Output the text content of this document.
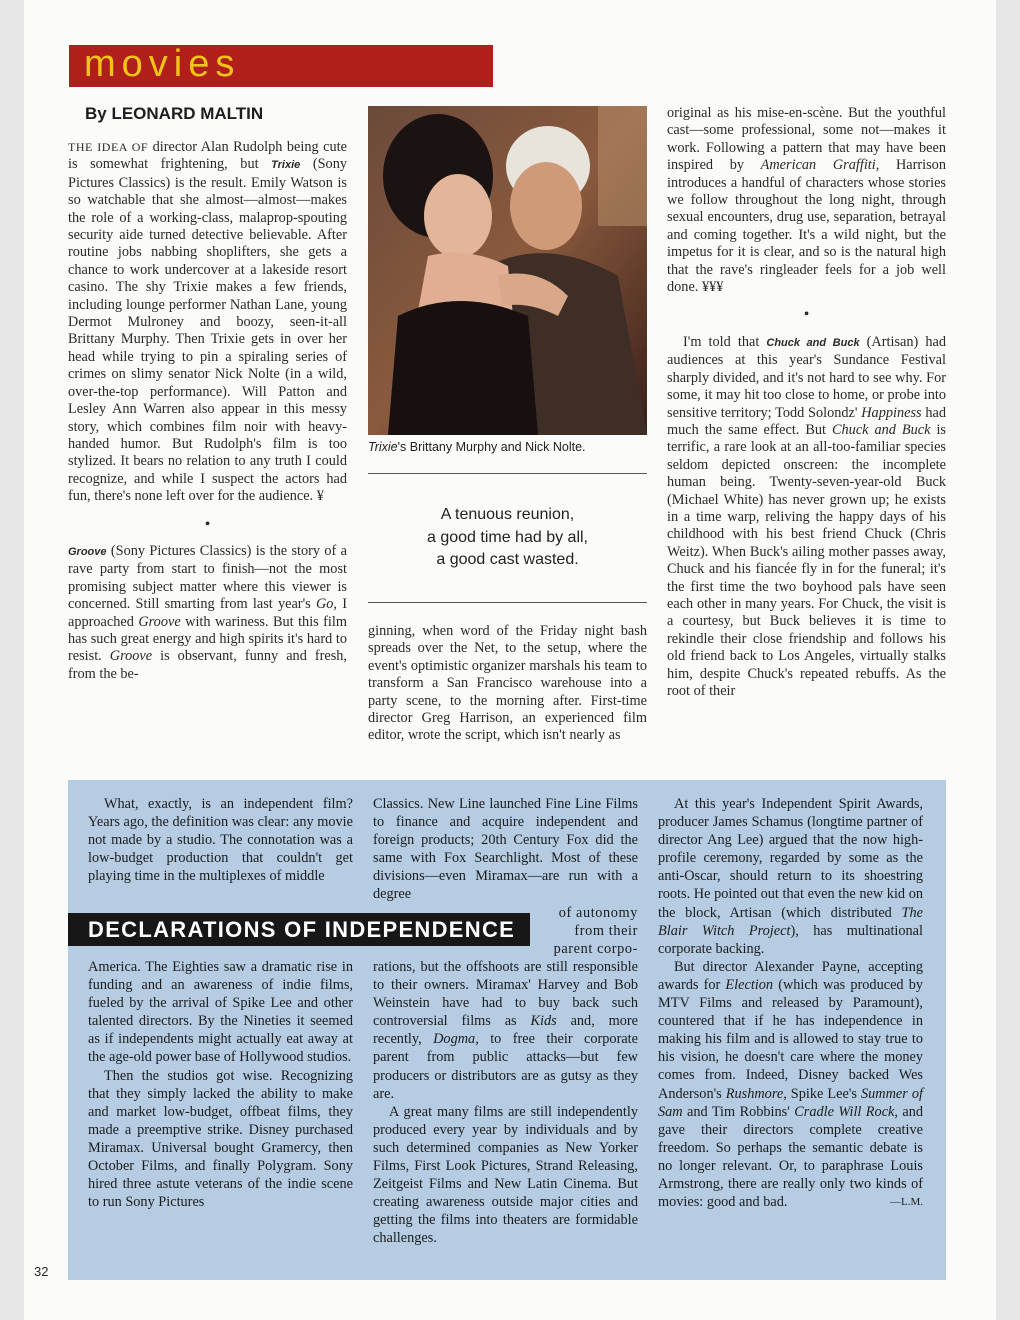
movies
By LEONARD MALTIN

THE IDEA OF director Alan Rudolph being cute is somewhat frightening, but Trixie (Sony Pictures Classics) is the result. Emily Watson is so watchable that she almost—almost—makes the role of a working-class, malaprop-spouting security aide turned detective believable. After routine jobs nabbing shoplifters, she gets a chance to work undercover at a lakeside resort casino. The shy Trixie makes a few friends, including lounge performer Nathan Lane, young Dermot Mulroney and boozy, seen-it-all Brittany Murphy. Then Trixie gets in over her head while trying to pin a spiraling series of crimes on slimy senator Nick Nolte (in a wild, over-the-top performance). Will Patton and Lesley Ann Warren also appear in this messy story, which combines film noir with heavy-handed humor. But Rudolph's film is too stylized. It bears no relation to any truth I could recognize, and while I suspect the actors had fun, there's none left over for the audience. ¥

•

Groove (Sony Pictures Classics) is the story of a rave party from start to finish—not the most promising subject matter where this viewer is concerned. Still smarting from last year's Go, I approached Groove with wariness. But this film has such great energy and high spirits it's hard to resist. Groove is observant, funny and fresh, from the be-

Trixie's Brittany Murphy and Nick Nolte.
A tenuous reunion,
a good time had by all,
a good cast wasted.

ginning, when word of the Friday night bash spreads over the Net, to the setup, where the event's optimistic organizer marshals his team to transform a San Francisco warehouse into a party scene, to the morning after. First-time director Greg Harrison, an experienced film editor, wrote the script, which isn't nearly as

original as his mise-en-scène. But the youthful cast—some professional, some not—makes it work. Following a pattern that may have been inspired by American Graffiti, Harrison introduces a handful of characters whose stories we follow throughout the long night, through sexual encounters, drug use, separation, betrayal and coming together. It's a wild night, but the impetus for it is clear, and so is the natural high that the rave's ringleader feels for a job well done. ¥¥¥

•

I'm told that Chuck and Buck (Artisan) had audiences at this year's Sundance Festival sharply divided, and it's not hard to see why. For some, it may hit too close to home, or probe into sensitive territory; Todd Solondz' Happiness had much the same effect. But Chuck and Buck is terrific, a rare look at an all-too-familiar species seldom depicted onscreen: the incomplete human being. Twenty-seven-year-old Buck (Michael White) has never grown up; he exists in a time warp, reliving the happy days of his childhood with his best friend Chuck (Chris Weitz). When Buck's ailing mother passes away, Chuck and his fiancée fly in for the funeral; it's the first time the two boyhood pals have seen each other in many years. For Chuck, the visit is a courtesy, but Buck believes it is time to rekindle their close friendship and follows his old friend back to Los Angeles, virtually stalks him, despite Chuck's repeated rebuffs. As the root of their

What, exactly, is an independent film? Years ago, the definition was clear: any movie not made by a studio. The connotation was a low-budget production that couldn't get playing time in the multiplexes of middle

DECLARATIONS OF INDEPENDENCE

America. The Eighties saw a dramatic rise in funding and an awareness of indie films, fueled by the arrival of Spike Lee and other talented directors. By the Nineties it seemed as if independents might actually eat away at the age-old power base of Hollywood studios.

Then the studios got wise. Recognizing that they simply lacked the ability to make and market low-budget, offbeat films, they made a preemptive strike. Disney purchased Miramax. Universal bought Gramercy, then October Films, and finally Polygram. Sony hired three astute veterans of the indie scene to run Sony Pictures

Classics. New Line launched Fine Line Films to finance and acquire independent and foreign products; 20th Century Fox did the same with Fox Searchlight. Most of these divisions—even Miramax—are run with a degree

of autonomy

from their

parent corpo-

rations, but the offshoots are still responsible to their owners. Miramax' Harvey and Bob Weinstein have had to buy back such controversial films as Kids and, more recently, Dogma, to free their corporate parent from public attacks—but few producers or distributors are as gutsy as they are.

A great many films are still independently produced every year by individuals and by such determined companies as New Yorker Films, First Look Pictures, Strand Releasing, Zeitgeist Films and New Latin Cinema. But creating awareness outside major cities and getting the films into theaters are formidable challenges.

At this year's Independent Spirit Awards, producer James Schamus (longtime partner of director Ang Lee) argued that the now high-profile ceremony, regarded by some as the anti-Oscar, should return to its shoestring roots. He pointed out that even the new kid on the block, Artisan (which distributed The Blair Witch Project), has multinational corporate backing.

But director Alexander Payne, accepting awards for Election (which was produced by MTV Films and released by Paramount), countered that if he has independence in making his film and is allowed to stay true to his vision, he doesn't care where the money comes from. Indeed, Disney backed Wes Anderson's Rushmore, Spike Lee's Summer of Sam and Tim Robbins' Cradle Will Rock, and gave their directors complete creative freedom. So perhaps the semantic debate is no longer relevant. Or, to paraphrase Louis Armstrong, there are really only two kinds of movies: good and bad.	—L.M.

32
